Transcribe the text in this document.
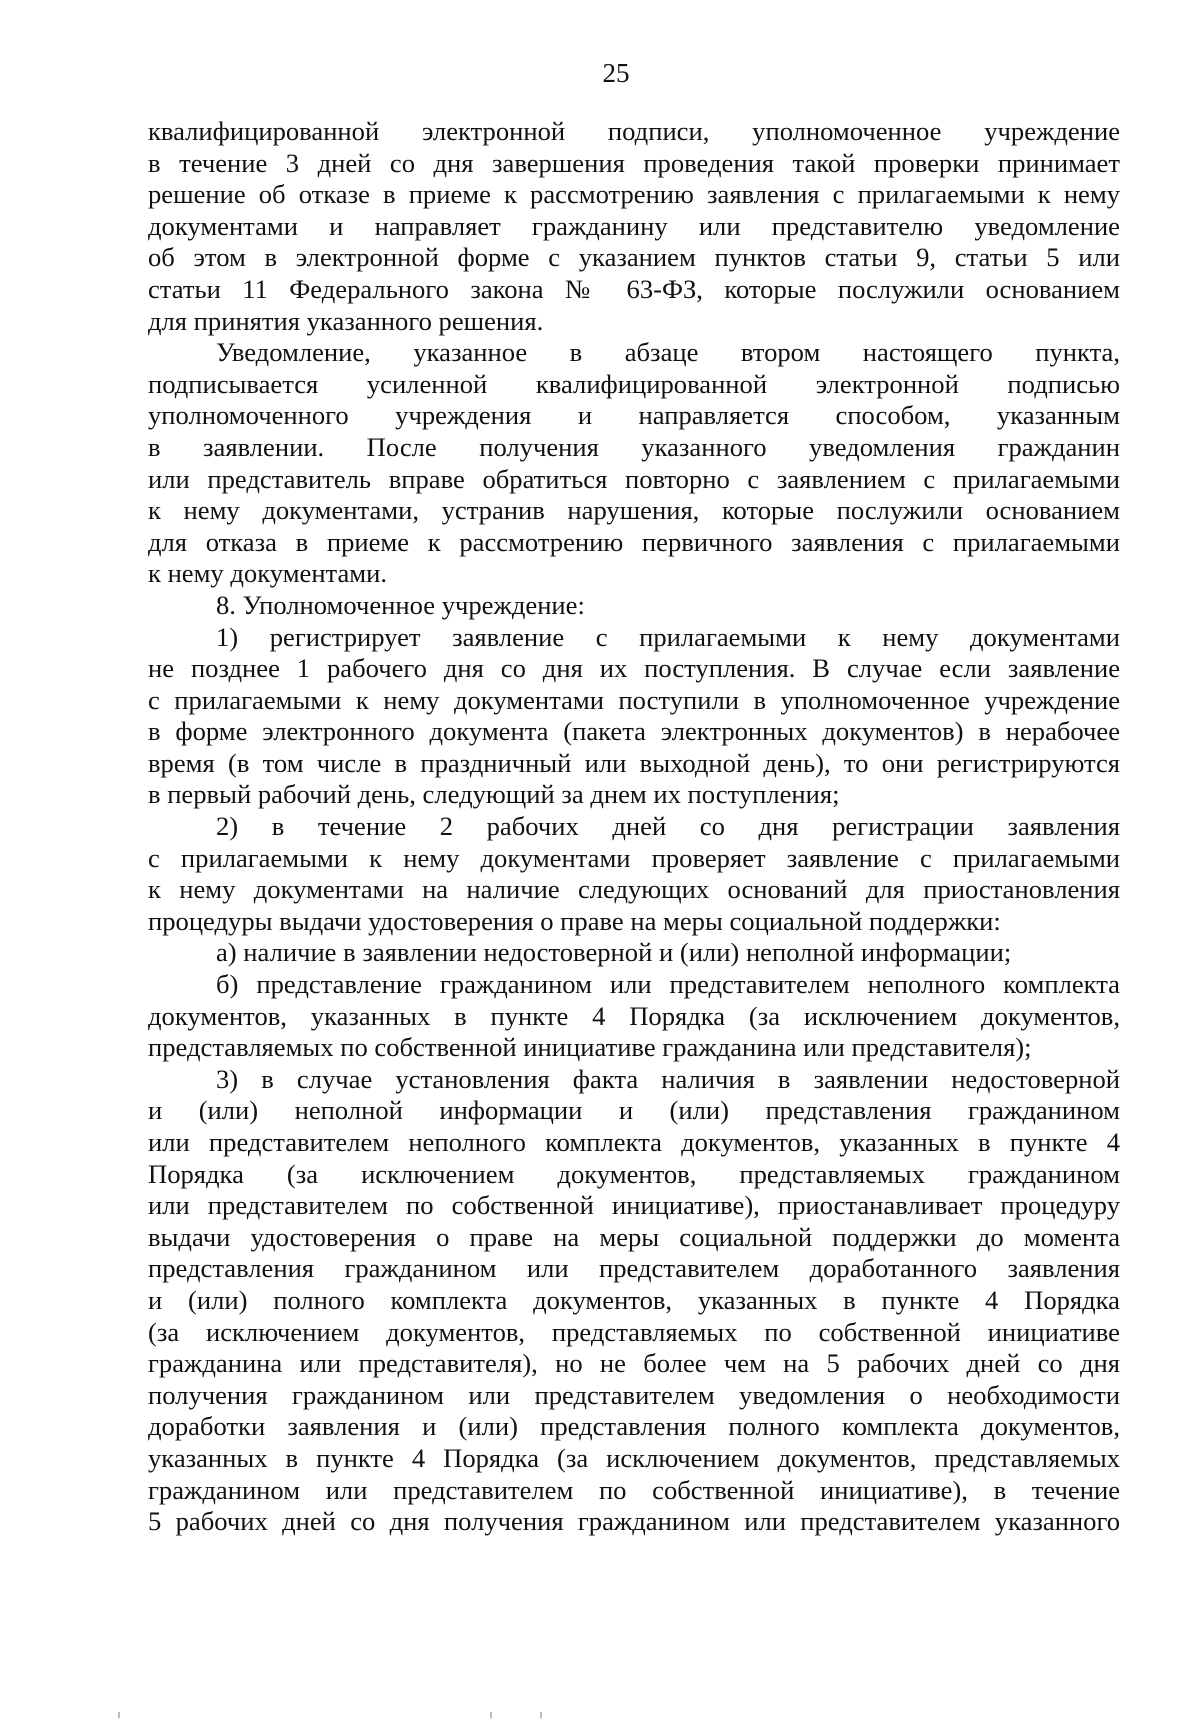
25

квалифицированной электронной подписи, уполномоченное учреждение
в течение 3 дней со дня завершения проведения такой проверки принимает
решение об отказе в приеме к рассмотрению заявления с прилагаемыми к нему
документами и направляет гражданину или представителю уведомление
об этом в электронной форме с указанием пунктов статьи 9, статьи 5 или
статьи 11 Федерального закона № 63-ФЗ, которые послужили основанием
для принятия указанного решения.
Уведомление, указанное в абзаце втором настоящего пункта,
подписывается усиленной квалифицированной электронной подписью
уполномоченного учреждения и направляется способом, указанным
в заявлении. После получения указанного уведомления гражданин
или представитель вправе обратиться повторно с заявлением с прилагаемыми
к нему документами, устранив нарушения, которые послужили основанием
для отказа в приеме к рассмотрению первичного заявления с прилагаемыми
к нему документами.
8. Уполномоченное учреждение:
1) регистрирует заявление с прилагаемыми к нему документами
не позднее 1 рабочего дня со дня их поступления. В случае если заявление
с прилагаемыми к нему документами поступили в уполномоченное учреждение
в форме электронного документа (пакета электронных документов) в нерабочее
время (в том числе в праздничный или выходной день), то они регистрируются
в первый рабочий день, следующий за днем их поступления;
2) в течение 2 рабочих дней со дня регистрации заявления
с прилагаемыми к нему документами проверяет заявление с прилагаемыми
к нему документами на наличие следующих оснований для приостановления
процедуры выдачи удостоверения о праве на меры социальной поддержки:
а) наличие в заявлении недостоверной и (или) неполной информации;
б) представление гражданином или представителем неполного комплекта
документов, указанных в пункте 4 Порядка (за исключением документов,
представляемых по собственной инициативе гражданина или представителя);
3) в случае установления факта наличия в заявлении недостоверной
и (или) неполной информации и (или) представления гражданином
или представителем неполного комплекта документов, указанных в пункте 4
Порядка (за исключением документов, представляемых гражданином
или представителем по собственной инициативе), приостанавливает процедуру
выдачи удостоверения о праве на меры социальной поддержки до момента
представления гражданином или представителем доработанного заявления
и (или) полного комплекта документов, указанных в пункте 4 Порядка
(за исключением документов, представляемых по собственной инициативе
гражданина или представителя), но не более чем на 5 рабочих дней со дня
получения гражданином или представителем уведомления о необходимости
доработки заявления и (или) представления полного комплекта документов,
указанных в пункте 4 Порядка (за исключением документов, представляемых
гражданином или представителем по собственной инициативе), в течение
5 рабочих дней со дня получения гражданином или представителем указанного
